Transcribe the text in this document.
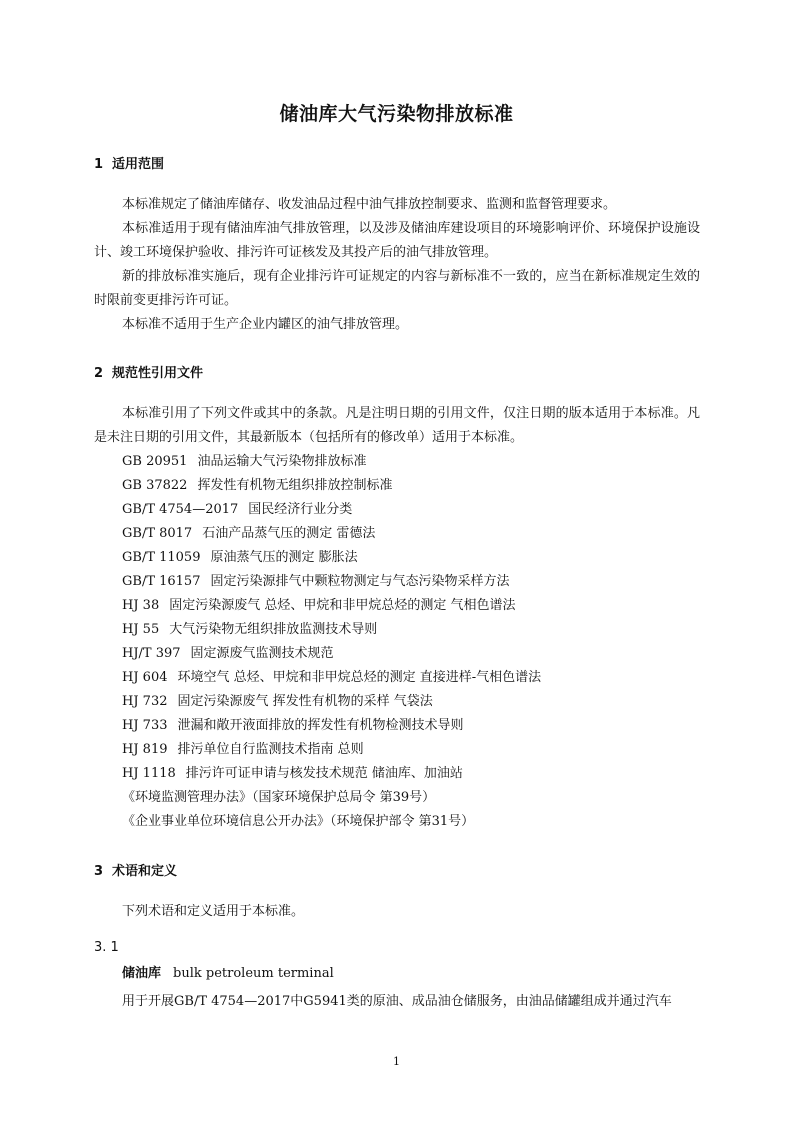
储油库大气污染物排放标准
1 适用范围

本标准规定了储油库储存、收发油品过程中油气排放控制要求、监测和监督管理要求。

本标准适用于现有储油库油气排放管理，以及涉及储油库建设项目的环境影响评价、环境保护设施设计、竣工环境保护验收、排污许可证核发及其投产后的油气排放管理。

新的排放标准实施后，现有企业排污许可证规定的内容与新标准不一致的，应当在新标准规定生效的时限前变更排污许可证。

本标准不适用于生产企业内罐区的油气排放管理。

2 规范性引用文件

本标准引用了下列文件或其中的条款。凡是注明日期的引用文件，仅注日期的版本适用于本标准。凡是未注日期的引用文件，其最新版本（包括所有的修改单）适用于本标准。

GB 20951 油品运输大气污染物排放标准
GB 37822 挥发性有机物无组织排放控制标准
GB/T 4754—2017 国民经济行业分类
GB/T 8017 石油产品蒸气压的测定 雷德法
GB/T 11059 原油蒸气压的测定 膨胀法
GB/T 16157 固定污染源排气中颗粒物测定与气态污染物采样方法
HJ 38 固定污染源废气 总烃、甲烷和非甲烷总烃的测定 气相色谱法
HJ 55 大气污染物无组织排放监测技术导则
HJ/T 397 固定源废气监测技术规范
HJ 604 环境空气 总烃、甲烷和非甲烷总烃的测定 直接进样-气相色谱法
HJ 732 固定污染源废气 挥发性有机物的采样 气袋法
HJ 733 泄漏和敞开液面排放的挥发性有机物检测技术导则
HJ 819 排污单位自行监测技术指南 总则
HJ 1118 排污许可证申请与核发技术规范 储油库、加油站
《环境监测管理办法》（国家环境保护总局令 第39号）
《企业事业单位环境信息公开办法》（环境保护部令 第31号）
3 术语和定义

下列术语和定义适用于本标准。

3. 1
储油库 bulk petroleum terminal
用于开展GB/T 4754—2017中G5941类的原油、成品油仓储服务，由油品储罐组成并通过汽车
1
